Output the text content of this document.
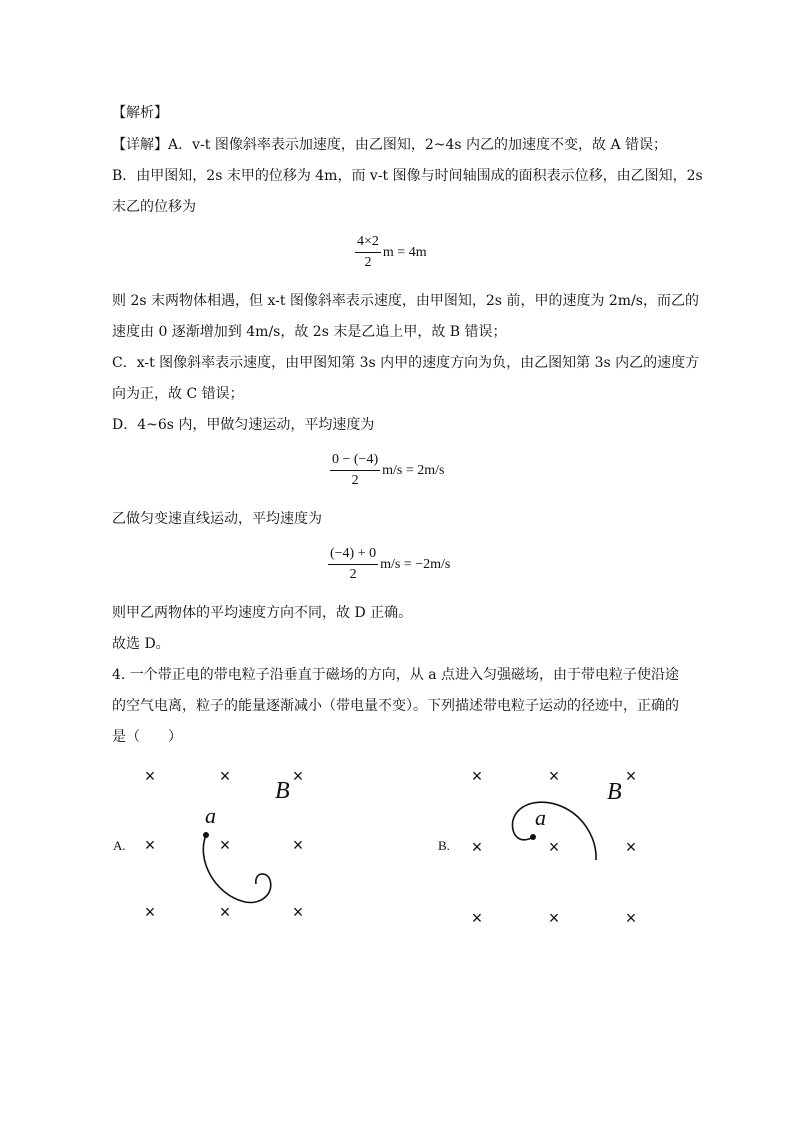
【解析】
【详解】A．v-t 图像斜率表示加速度，由乙图知，2~4s 内乙的加速度不变，故 A 错误；
B．由甲图知，2s 末甲的位移为 4m，而 v-t 图像与时间轴围成的面积表示位移，由乙图知，2s
末乙的位移为
$\frac{4\times 2}{2}$ m = 4m
则 2s 末两物体相遇，但 x-t 图像斜率表示速度，由甲图知，2s 前，甲的速度为 2m/s，而乙的
速度由 0 逐渐增加到 4m/s，故 2s 末是乙追上甲，故 B 错误；
C．x-t 图像斜率表示速度，由甲图知第 3s 内甲的速度方向为负，由乙图知第 3s 内乙的速度方
向为正，故 C 错误；
D．4~6s 内，甲做匀速运动，平均速度为
$\frac{0 - (-4)}{2} m/s = 2m/s$
乙做匀变速直线运动，平均速度为
$\frac{(-4) + 0}{2} m/s = -2m/s$
则甲乙两物体的平均速度方向不同，故 D 正确。
故选 D。
4. 一个带正电的带电粒子沿垂直于磁场的方向，从 a 点进入匀强磁场，由于带电粒子使沿途
的空气电离，粒子的能量逐渐减小（带电量不变）。下列描述带电粒子运动的径迹中，正确的
是（　　）
A.
×	×	×
×	×	×
×	×	×
B
a
B.
×	×	×
×	×	×
×	×	×
B
a
